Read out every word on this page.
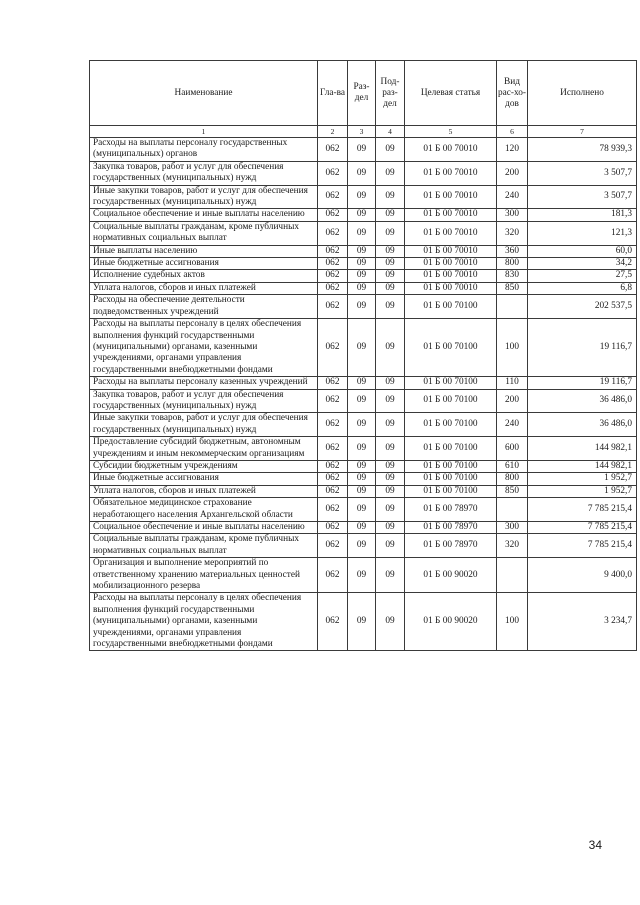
Наименование	Гла-ва	Раз-дел	Под-раз-дел	Целевая статья	Вид рас-хо-дов	Исполнено
1	2	3	4	5	6	7
Расходы на выплаты персоналу государственных (муниципальных) органов	062	09	09	01 Б 00 70010	120	78 939,3
Закупка товаров, работ и услуг для обеспечения государственных (муниципальных) нужд	062	09	09	01 Б 00 70010	200	3 507,7
Иные закупки товаров, работ и услуг для обеспечения государственных (муниципальных) нужд	062	09	09	01 Б 00 70010	240	3 507,7
Социальное обеспечение и иные выплаты населению	062	09	09	01 Б 00 70010	300	181,3
Социальные выплаты гражданам, кроме публичных нормативных социальных выплат	062	09	09	01 Б 00 70010	320	121,3
Иные выплаты населению	062	09	09	01 Б 00 70010	360	60,0
Иные бюджетные ассигнования	062	09	09	01 Б 00 70010	800	34,2
Исполнение судебных актов	062	09	09	01 Б 00 70010	830	27,5
Уплата налогов, сборов и иных платежей	062	09	09	01 Б 00 70010	850	6,8
Расходы на обеспечение деятельности подведомственных учреждений	062	09	09	01 Б 00 70100		202 537,5
Расходы на выплаты персоналу в целях обеспечения выполнения функций государственными (муниципальными) органами, казенными учреждениями, органами управления государственными внебюджетными фондами	062	09	09	01 Б 00 70100	100	19 116,7
Расходы на выплаты персоналу казенных учреждений	062	09	09	01 Б 00 70100	110	19 116,7
Закупка товаров, работ и услуг для обеспечения государственных (муниципальных) нужд	062	09	09	01 Б 00 70100	200	36 486,0
Иные закупки товаров, работ и услуг для обеспечения государственных (муниципальных) нужд	062	09	09	01 Б 00 70100	240	36 486,0
Предоставление субсидий бюджетным, автономным учреждениям и иным некоммерческим организациям	062	09	09	01 Б 00 70100	600	144 982,1
Субсидии бюджетным учреждениям	062	09	09	01 Б 00 70100	610	144 982,1
Иные бюджетные ассигнования	062	09	09	01 Б 00 70100	800	1 952,7
Уплата налогов, сборов и иных платежей	062	09	09	01 Б 00 70100	850	1 952,7
Обязательное медицинское страхование неработающего населения Архангельской области	062	09	09	01 Б 00 78970		7 785 215,4
Социальное обеспечение и иные выплаты населению	062	09	09	01 Б 00 78970	300	7 785 215,4
Социальные выплаты гражданам, кроме публичных нормативных социальных выплат	062	09	09	01 Б 00 78970	320	7 785 215,4
Организация и выполнение мероприятий по ответственному хранению материальных ценностей мобилизационного резерва	062	09	09	01 Б 00 90020		9 400,0
Расходы на выплаты персоналу в целях обеспечения выполнения функций государственными (муниципальными) органами, казенными учреждениями, органами управления государственными внебюджетными фондами	062	09	09	01 Б 00 90020	100	3 234,7
34
